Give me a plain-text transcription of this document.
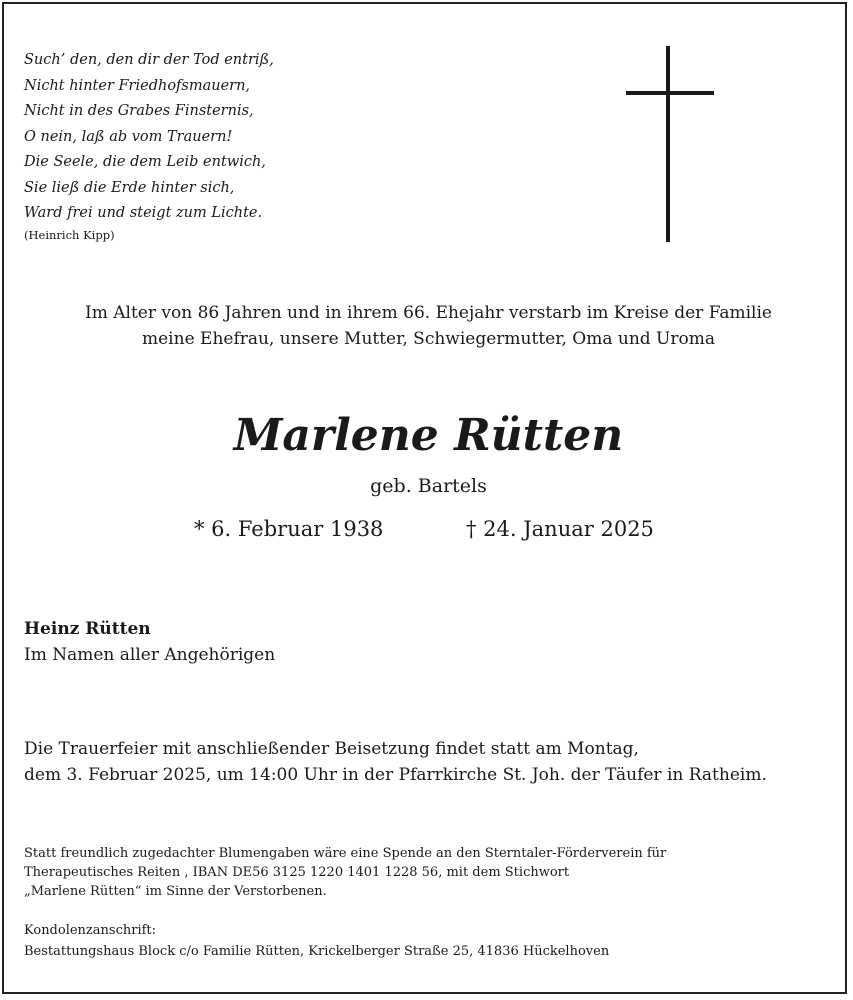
Such’ den, den dir der Tod entriß,
Nicht hinter Friedhofsmauern,
Nicht in des Grabes Finsternis,
O nein, laß ab vom Trauern!
Die Seele, die dem Leib entwich,
Sie ließ die Erde hinter sich,
Ward frei und steigt zum Lichte.
(Heinrich Kipp)
Im Alter von 86 Jahren und in ihrem 66. Ehejahr verstarb im Kreise der Familie
meine Ehefrau, unsere Mutter, Schwiegermutter, Oma und Uroma
Marlene Rütten
geb. Bartels
* 6. Februar 1938	† 24. Januar 2025
Heinz Rütten
Im Namen aller Angehörigen
Die Trauerfeier mit anschließender Beisetzung findet statt am Montag,
dem 3. Februar 2025, um 14:00 Uhr in der Pfarrkirche St. Joh. der Täufer in Ratheim.
Statt freundlich zugedachter Blumengaben wäre eine Spende an den Sterntaler-Förderverein für
Therapeutisches Reiten , IBAN DE56 3125 1220 1401 1228 56, mit dem Stichwort
„Marlene Rütten“ im Sinne der Verstorbenen.
Kondolenzanschrift:
Bestattungshaus Block c/o Familie Rütten, Krickelberger Straße 25, 41836 Hückelhoven
